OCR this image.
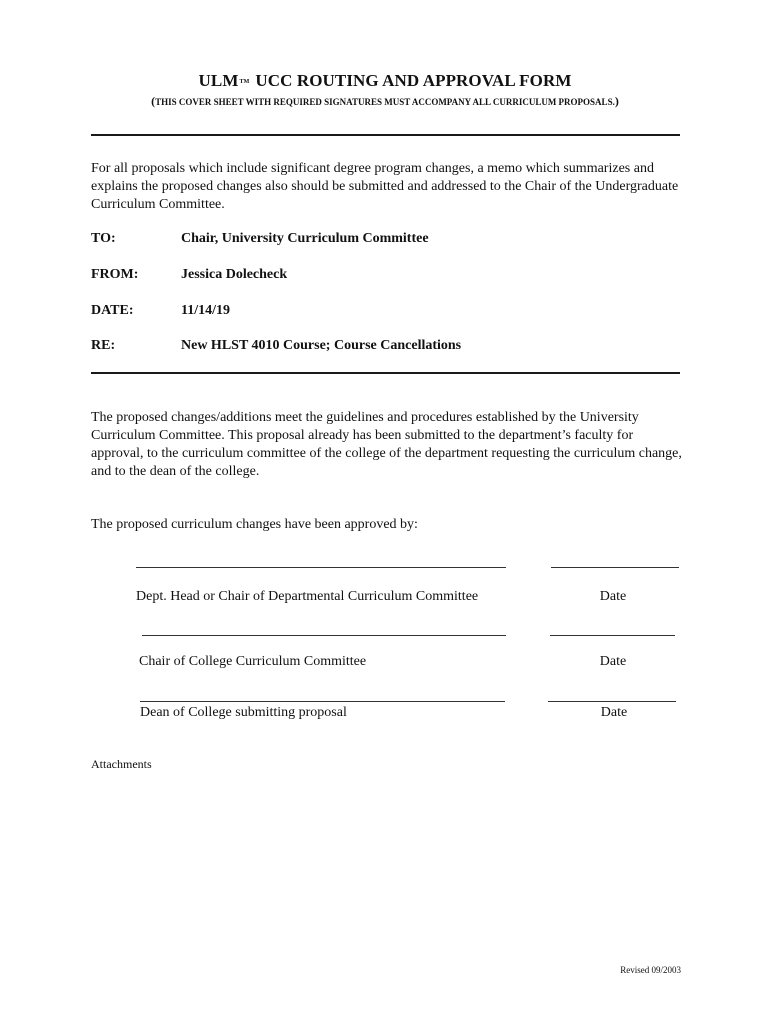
ULMTM UCC ROUTING AND APPROVAL FORM
(THIS COVER SHEET WITH REQUIRED SIGNATURES MUST ACCOMPANY ALL CURRICULUM PROPOSALS.)
For all proposals which include significant degree program changes, a memo which summarizes and explains the proposed changes also should be submitted and addressed to the Chair of the Undergraduate Curriculum Committee.
TO:	Chair, University Curriculum Committee
FROM:	Jessica Dolecheck
DATE:	11/14/19
RE:	New HLST 4010 Course; Course Cancellations
The proposed changes/additions meet the guidelines and procedures established by the University Curriculum Committee. This proposal already has been submitted to the department’s faculty for approval, to the curriculum committee of the college of the department requesting the curriculum change, and to the dean of the college.
The proposed curriculum changes have been approved by:
Dept. Head or Chair of Departmental Curriculum Committee	Date
Chair of College Curriculum Committee	Date
Dean of College submitting proposal	Date
Attachments
Revised 09/2003
